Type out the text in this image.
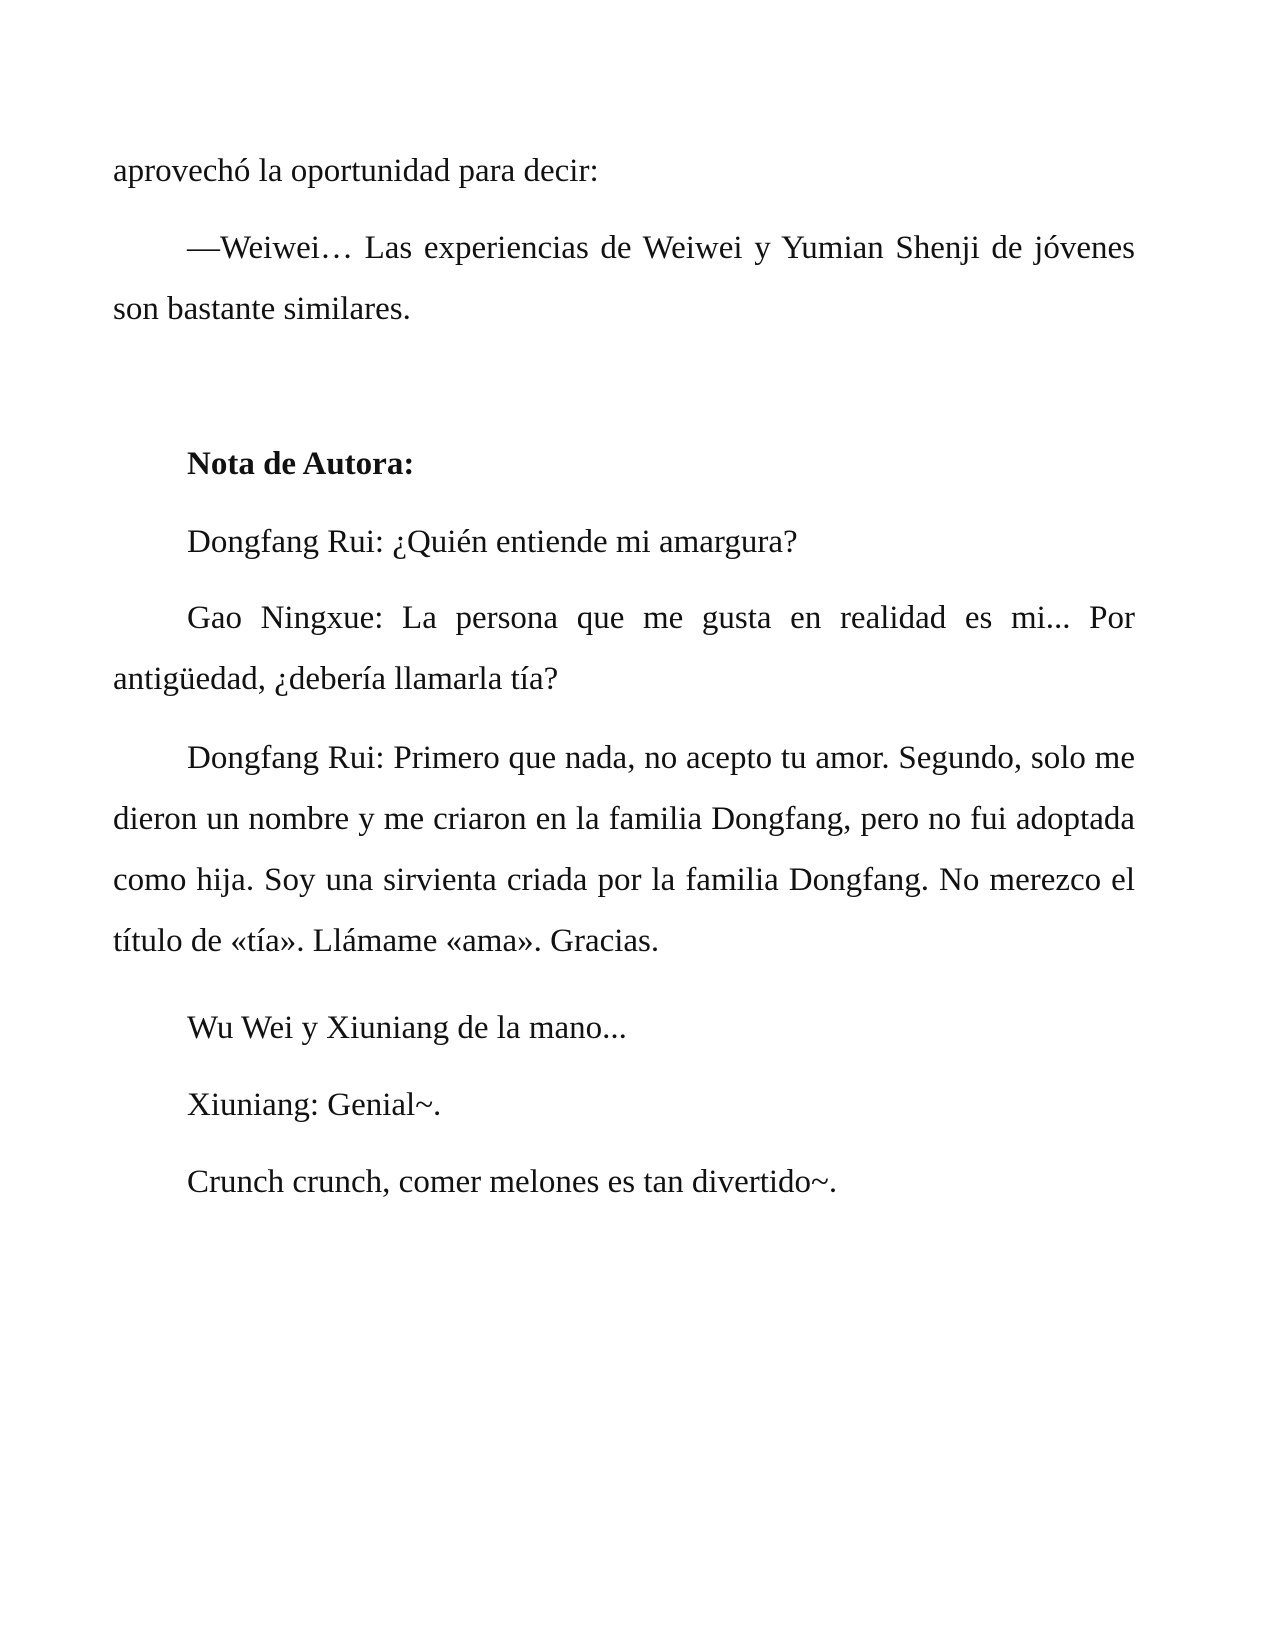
aprovechó la oportunidad para decir:

—Weiwei… Las experiencias de Weiwei y Yumian Shenji de jóvenes son bastante similares.

Nota de Autora:

Dongfang Rui: ¿Quién entiende mi amargura?

Gao Ningxue: La persona que me gusta en realidad es mi... Por antigüedad, ¿debería llamarla tía?

Dongfang Rui: Primero que nada, no acepto tu amor. Segundo, solo me dieron un nombre y me criaron en la familia Dongfang, pero no fui adoptada como hija. Soy una sirvienta criada por la familia Dongfang. No merezco el título de «tía». Llámame «ama». Gracias.

Wu Wei y Xiuniang de la mano...

Xiuniang: Genial~.

Crunch crunch, comer melones es tan divertido~.
